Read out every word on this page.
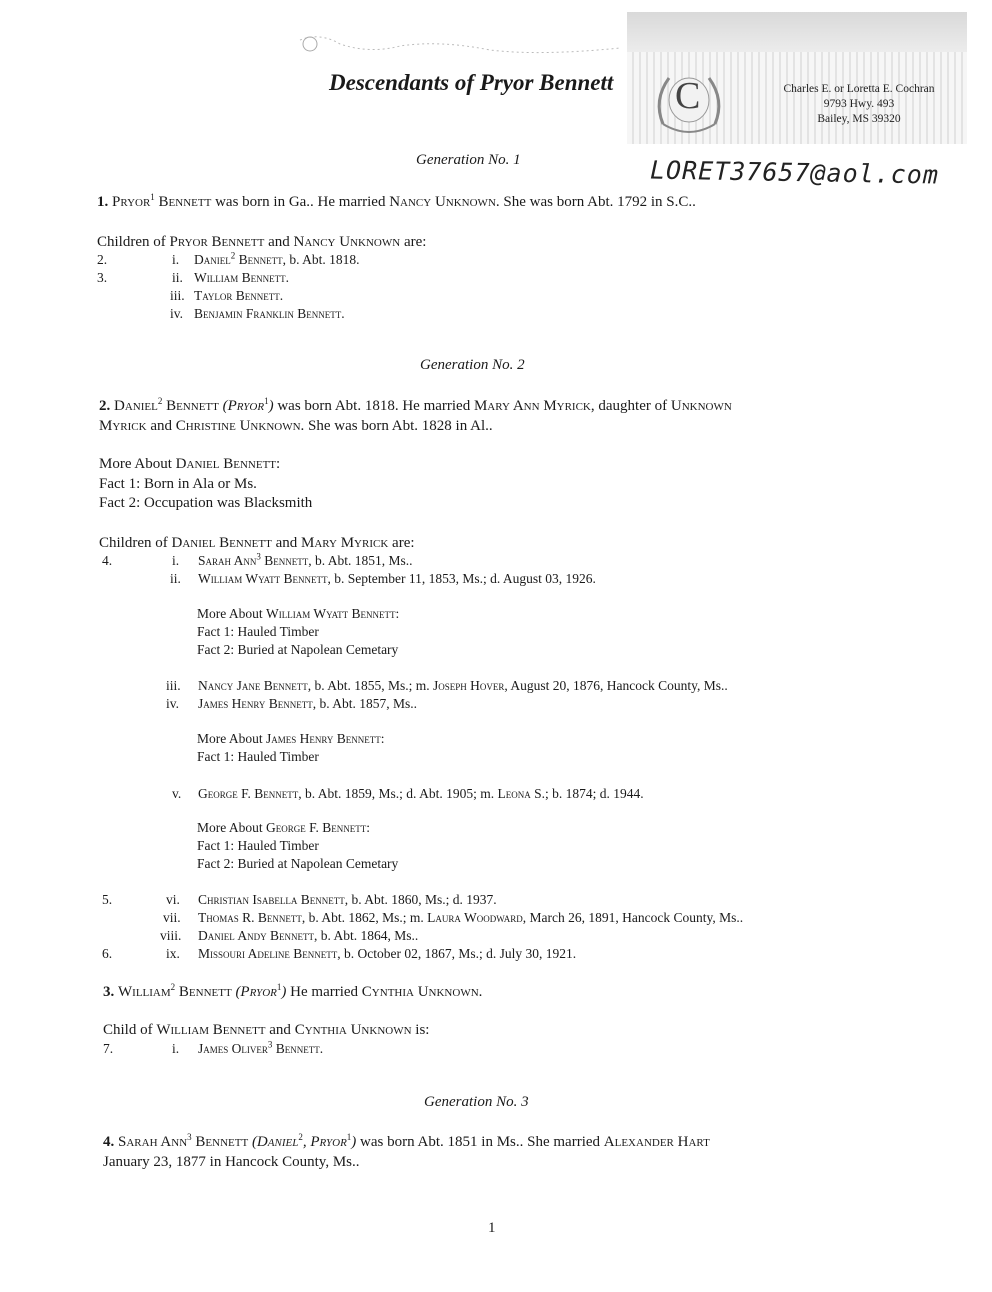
C	Charles E. or Loretta E. Cochran
9793 Hwy. 493
Bailey, MS 39320
Descendants of Pryor Bennett
LORET37657@aol.com
Generation No. 1
1. Pryor$^1$ Bennett was born in Ga.. He married Nancy Unknown. She was born Abt. 1792 in S.C..
Children of Pryor Bennett and Nancy Unknown are:
2.	i. Daniel$^2$ Bennett, b. Abt. 1818.
3.	ii. William Bennett.
iii. Taylor Bennett.
iv. Benjamin Franklin Bennett.
Generation No. 2
2. Daniel$^2$ Bennett (Pryor$^1$) was born Abt. 1818. He married Mary Ann Myrick, daughter of Unknown
Myrick and Christine Unknown. She was born Abt. 1828 in Al..
More About Daniel Bennett:
Fact 1: Born in Ala or Ms.
Fact 2: Occupation was Blacksmith
Children of Daniel Bennett and Mary Myrick are:
4.	i. Sarah Ann$^3$ Bennett, b. Abt. 1851, Ms..
ii. William Wyatt Bennett, b. September 11, 1853, Ms.; d. August 03, 1926.
More About William Wyatt Bennett:
Fact 1: Hauled Timber
Fact 2: Buried at Napolean Cemetary
iii. Nancy Jane Bennett, b. Abt. 1855, Ms.; m. Joseph Hover, August 20, 1876, Hancock County, Ms..
iv. James Henry Bennett, b. Abt. 1857, Ms..
More About James Henry Bennett:
Fact 1: Hauled Timber
v. George F. Bennett, b. Abt. 1859, Ms.; d. Abt. 1905; m. Leona S.; b. 1874; d. 1944.
More About George F. Bennett:
Fact 1: Hauled Timber
Fact 2: Buried at Napolean Cemetary
5.	vi. Christian Isabella Bennett, b. Abt. 1860, Ms.; d. 1937.
vii. Thomas R. Bennett, b. Abt. 1862, Ms.; m. Laura Woodward, March 26, 1891, Hancock County, Ms..
viii. Daniel Andy Bennett, b. Abt. 1864, Ms..
6.	ix. Missouri Adeline Bennett, b. October 02, 1867, Ms.; d. July 30, 1921.
3. William$^2$ Bennett (Pryor$^1$) He married Cynthia Unknown.
Child of William Bennett and Cynthia Unknown is:
7.	i. James Oliver$^3$ Bennett.
Generation No. 3
4. Sarah Ann$^3$ Bennett (Daniel$^2$, Pryor$^1$) was born Abt. 1851 in Ms.. She married Alexander Hart
January 23, 1877 in Hancock County, Ms..
1
